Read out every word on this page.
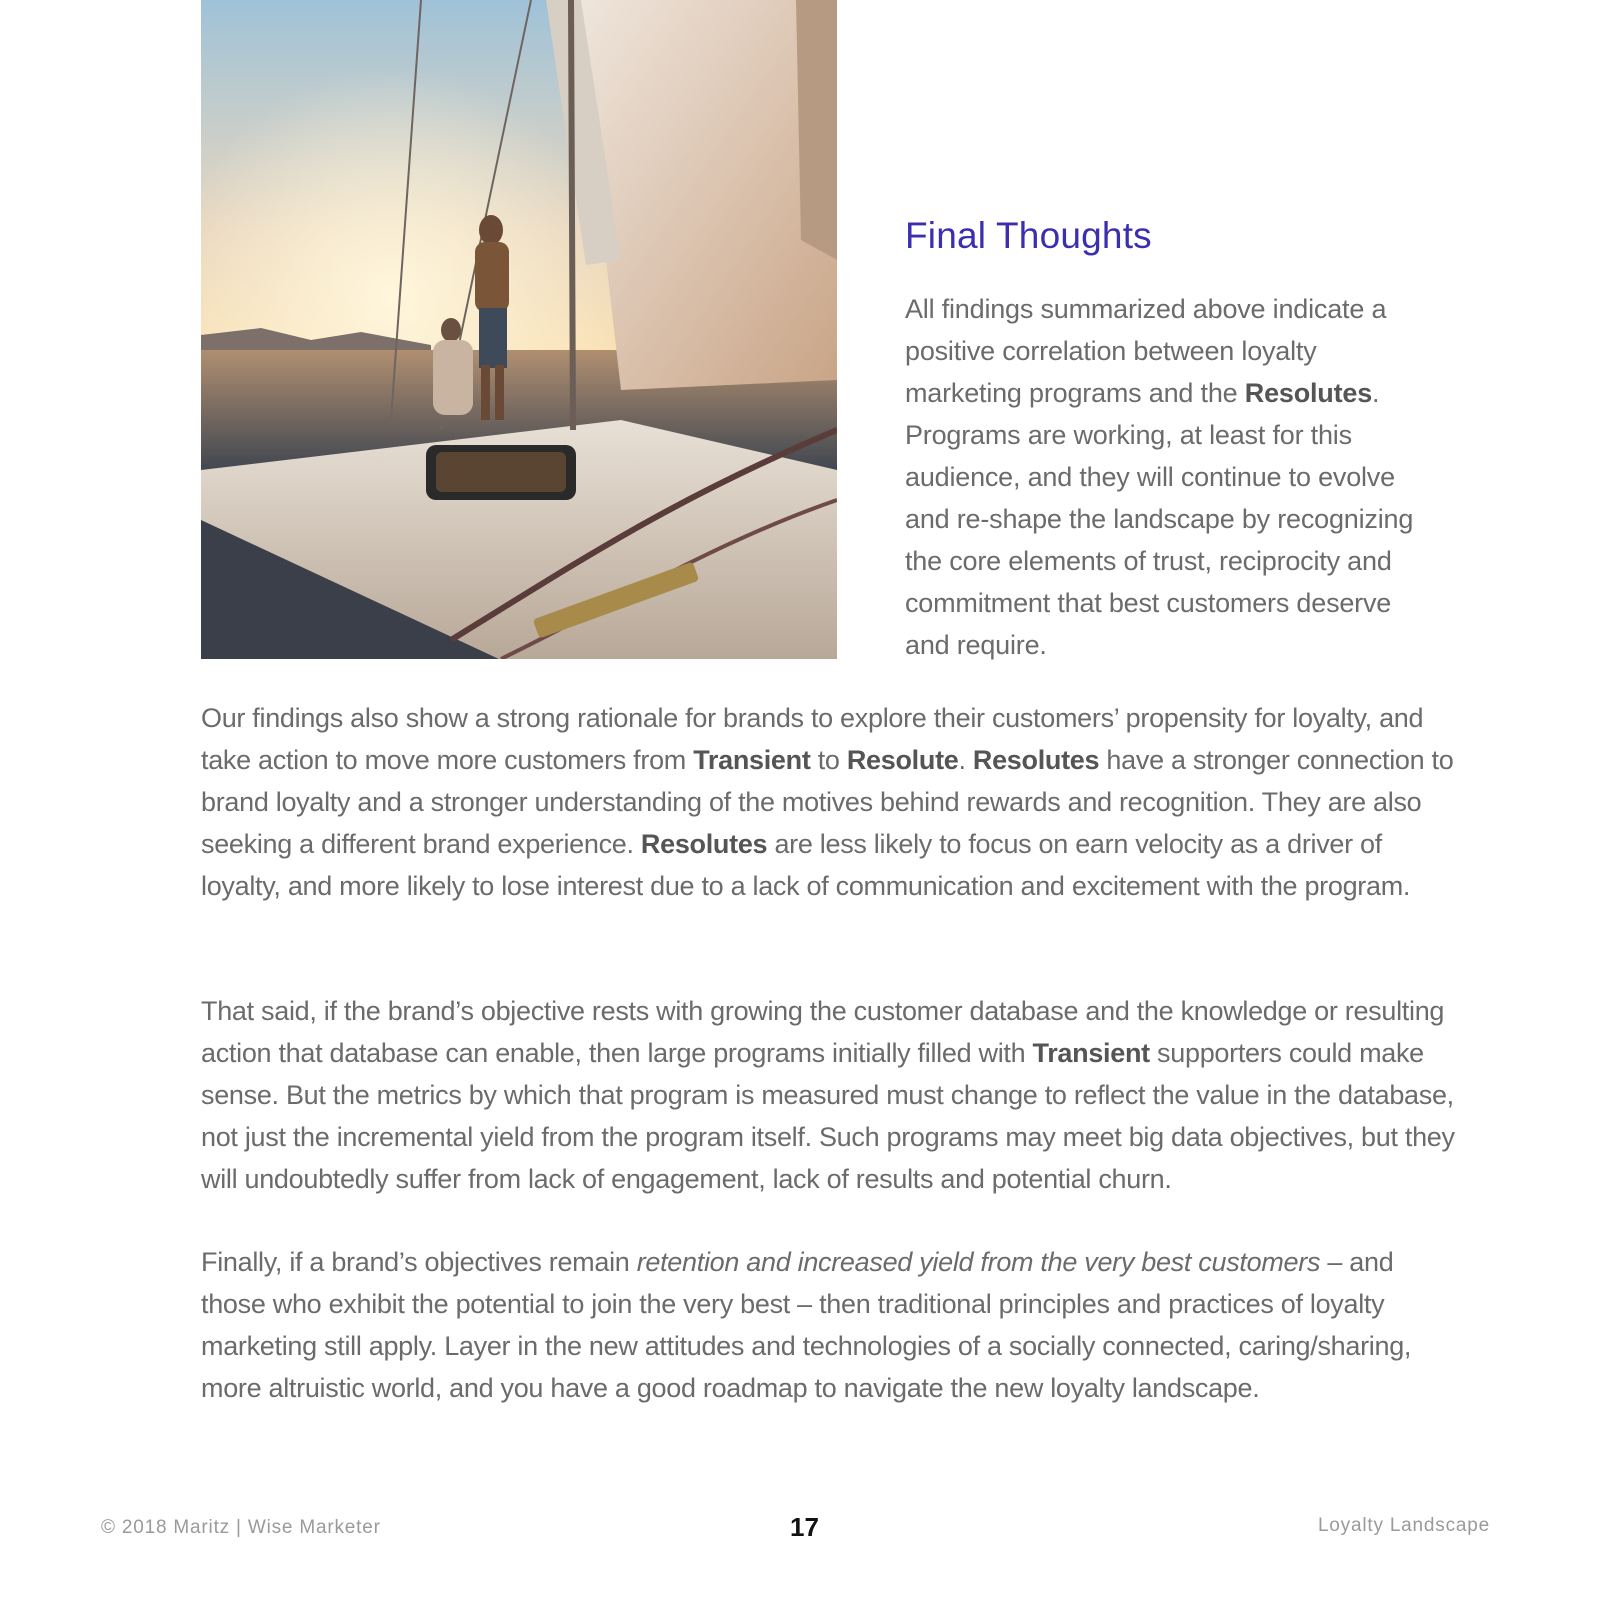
Final Thoughts

All findings summarized above indicate a positive correlation between loyalty marketing programs and the Resolutes. Programs are working, at least for this audience, and they will continue to evolve and re-shape the landscape by recognizing the core elements of trust, reciprocity and commitment that best customers deserve and require.

Our findings also show a strong rationale for brands to explore their customers’ propensity for loyalty, and take action to move more customers from Transient to Resolute. Resolutes have a stronger connection to brand loyalty and a stronger understanding of the motives behind rewards and recognition. They are also seeking a different brand experience. Resolutes are less likely to focus on earn velocity as a driver of loyalty, and more likely to lose interest due to a lack of communication and excitement with the program.

That said, if the brand’s objective rests with growing the customer database and the knowledge or resulting action that database can enable, then large programs initially filled with Transient supporters could make sense. But the metrics by which that program is measured must change to reflect the value in the database, not just the incremental yield from the program itself. Such programs may meet big data objectives, but they will undoubtedly suffer from lack of engagement, lack of results and potential churn.

Finally, if a brand’s objectives remain retention and increased yield from the very best customers – and those who exhibit the potential to join the very best – then traditional principles and practices of loyalty marketing still apply. Layer in the new attitudes and technologies of a socially connected, caring/sharing, more altruistic world, and you have a good roadmap to navigate the new loyalty landscape.

© 2018 Maritz | Wise Marketer	17	Loyalty Landscape
